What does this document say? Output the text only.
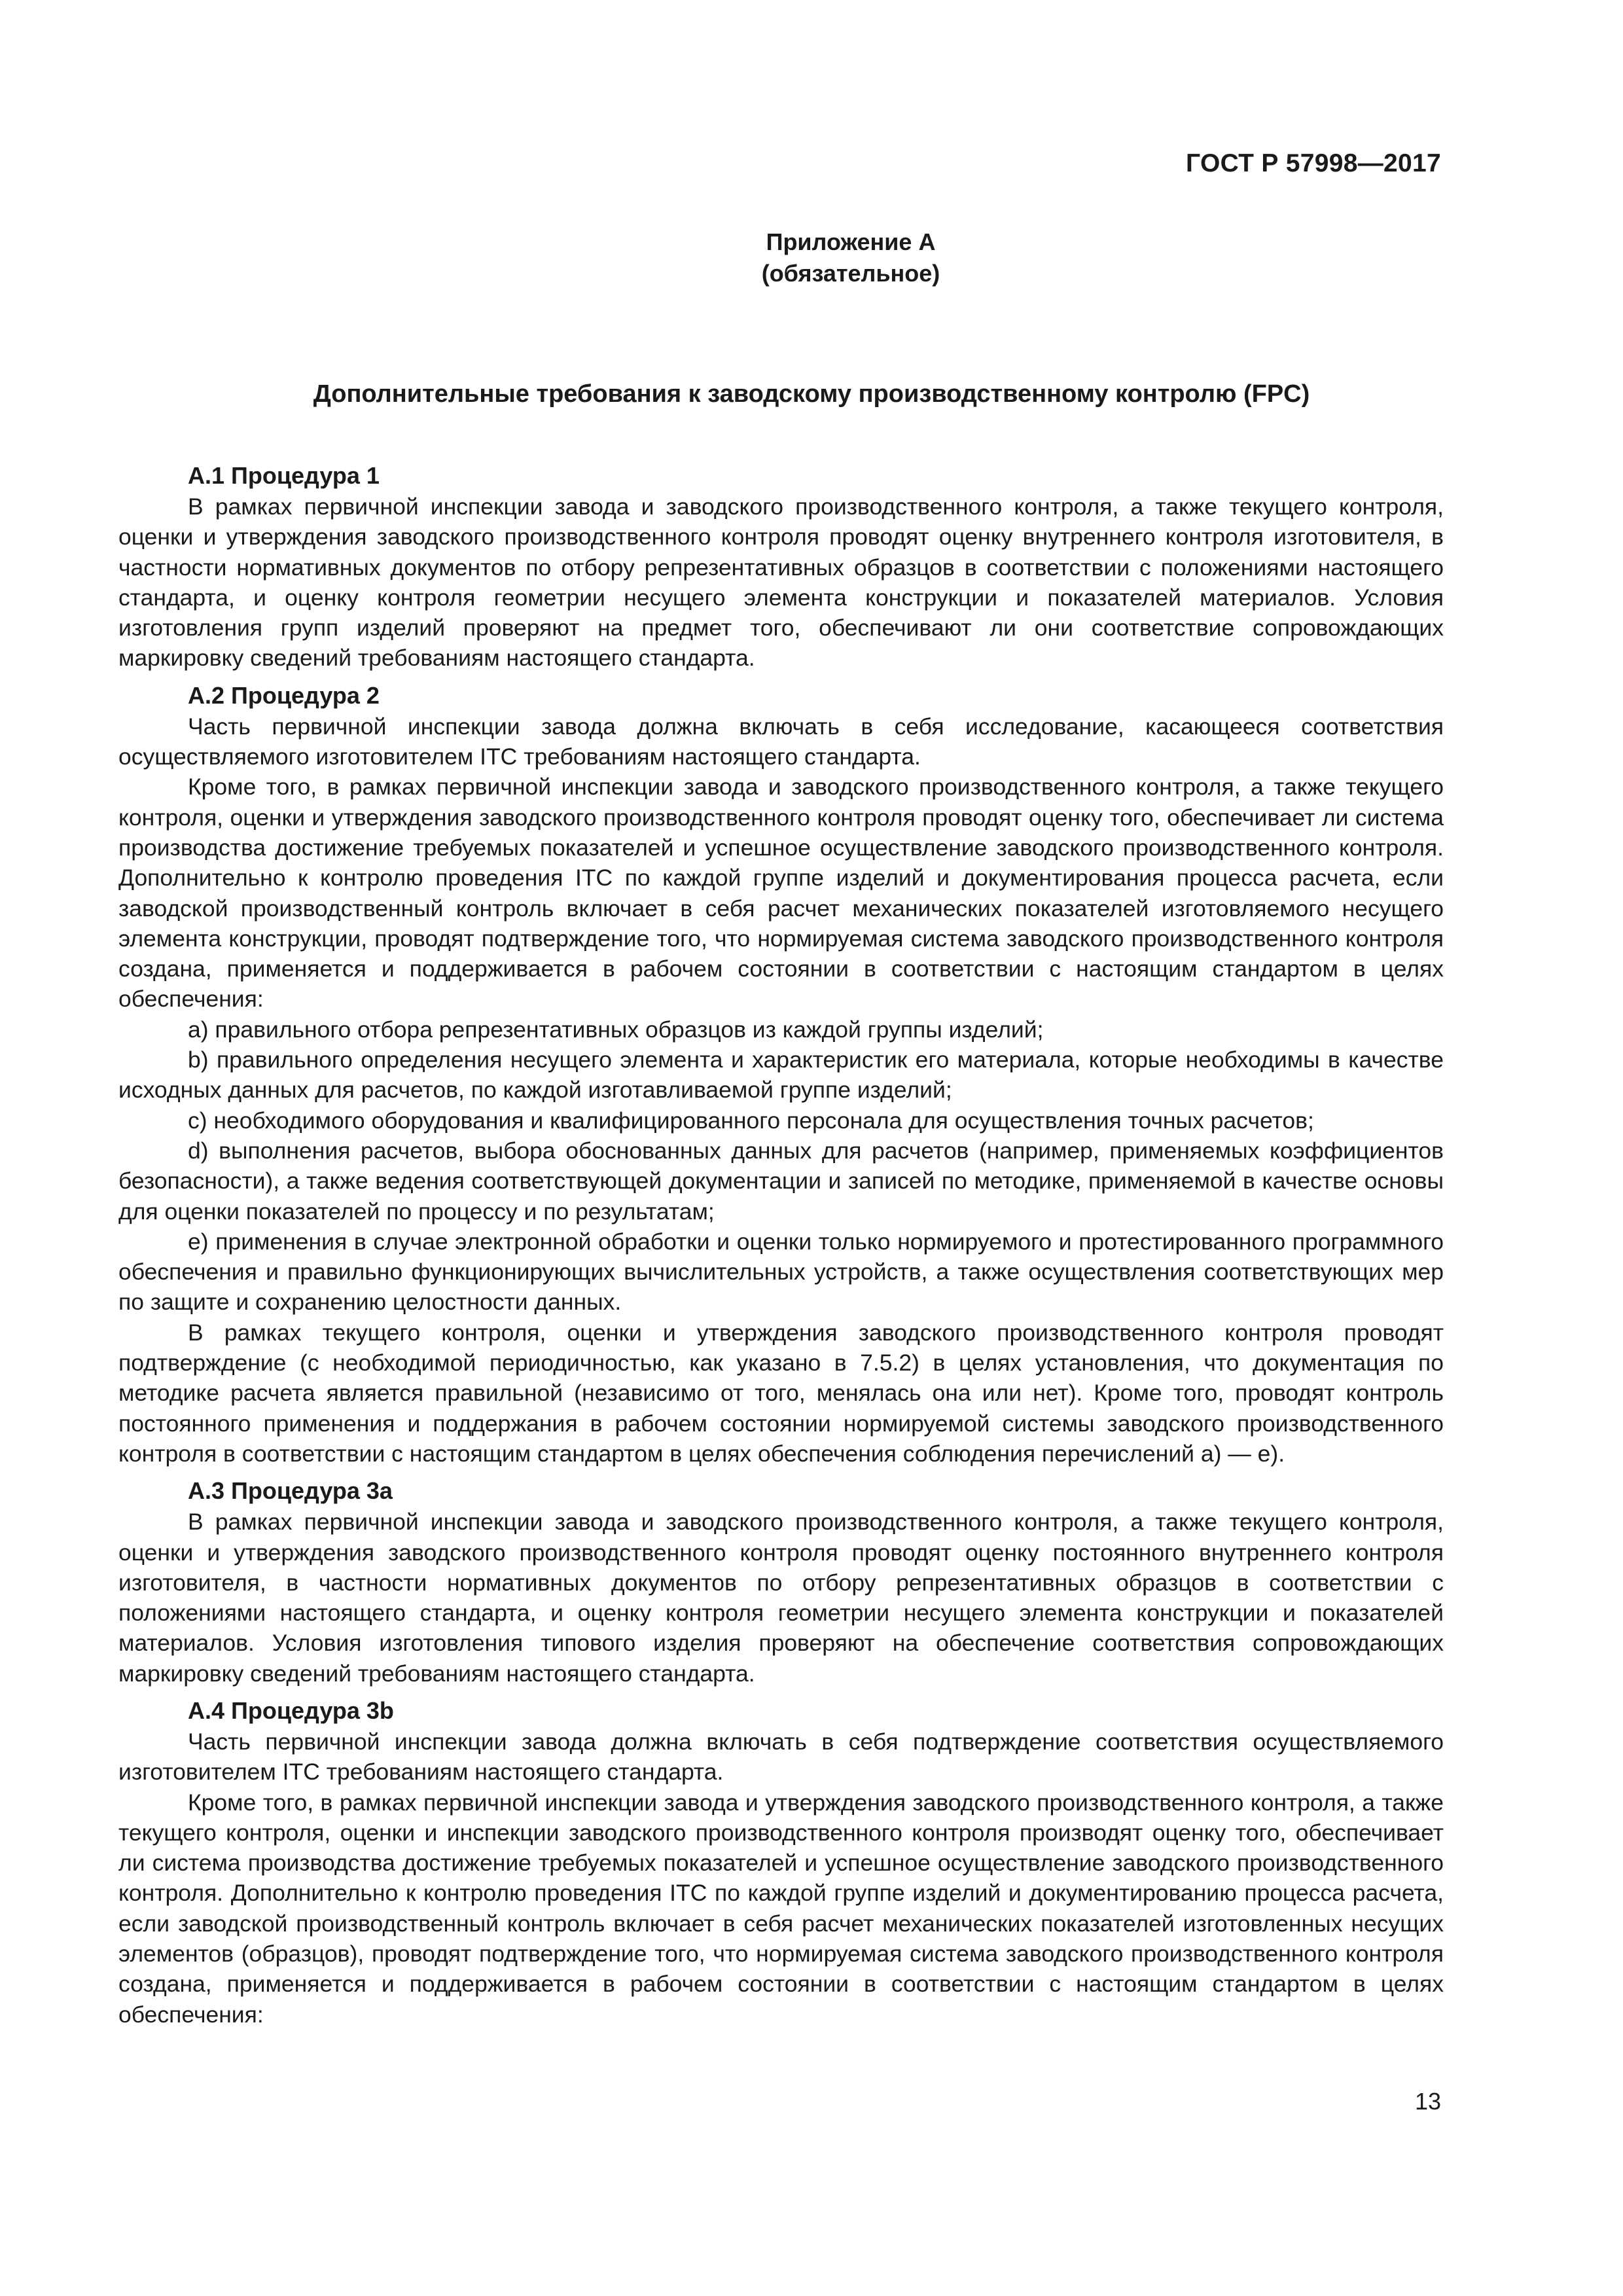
ГОСТ Р 57998—2017
Приложение А
(обязательное)
Дополнительные требования к заводскому производственному контролю (FPC)
А.1 Процедура 1

В рамках первичной инспекции завода и заводского производственного контроля, а также текущего контроля, оценки и утверждения заводского производственного контроля проводят оценку внутреннего контроля изготовителя, в частности нормативных документов по отбору репрезентативных образцов в соответствии с положениями настоящего стандарта, и оценку контроля геометрии несущего элемента конструкции и показателей материалов. Условия изготовления групп изделий проверяют на предмет того, обеспечивают ли они соответствие сопровождающих маркировку сведений требованиям настоящего стандарта.

А.2 Процедура 2

Часть первичной инспекции завода должна включать в себя исследование, касающееся соответствия осуществляемого изготовителем ITC требованиям настоящего стандарта.

Кроме того, в рамках первичной инспекции завода и заводского производственного контроля, а также текущего контроля, оценки и утверждения заводского производственного контроля проводят оценку того, обеспечивает ли система производства достижение требуемых показателей и успешное осуществление заводского производственного контроля. Дополнительно к контролю проведения ITC по каждой группе изделий и документирования процесса расчета, если заводской производственный контроль включает в себя расчет механических показателей изготовляемого несущего элемента конструкции, проводят подтверждение того, что нормируемая система заводского производственного контроля создана, применяется и поддерживается в рабочем состоянии в соответствии с настоящим стандартом в целях обеспечения:

a) правильного отбора репрезентативных образцов из каждой группы изделий;

b) правильного определения несущего элемента и характеристик его материала, которые необходимы в качестве исходных данных для расчетов, по каждой изготавливаемой группе изделий;

c) необходимого оборудования и квалифицированного персонала для осуществления точных расчетов;

d) выполнения расчетов, выбора обоснованных данных для расчетов (например, применяемых коэффициентов безопасности), а также ведения соответствующей документации и записей по методике, применяемой в качестве основы для оценки показателей по процессу и по результатам;

e) применения в случае электронной обработки и оценки только нормируемого и протестированного программного обеспечения и правильно функционирующих вычислительных устройств, а также осуществления соответствующих мер по защите и сохранению целостности данных.

В рамках текущего контроля, оценки и утверждения заводского производственного контроля проводят подтверждение (с необходимой периодичностью, как указано в 7.5.2) в целях установления, что документация по методике расчета является правильной (независимо от того, менялась она или нет). Кроме того, проводят контроль постоянного применения и поддержания в рабочем состоянии нормируемой системы заводского производственного контроля в соответствии с настоящим стандартом в целях обеспечения соблюдения перечислений а) — е).

А.3 Процедура 3а

В рамках первичной инспекции завода и заводского производственного контроля, а также текущего контроля, оценки и утверждения заводского производственного контроля проводят оценку постоянного внутреннего контроля изготовителя, в частности нормативных документов по отбору репрезентативных образцов в соответствии с положениями настоящего стандарта, и оценку контроля геометрии несущего элемента конструкции и показателей материалов. Условия изготовления типового изделия проверяют на обеспечение соответствия сопровождающих маркировку сведений требованиям настоящего стандарта.

А.4 Процедура 3b

Часть первичной инспекции завода должна включать в себя подтверждение соответствия осуществляемого изготовителем ITC требованиям настоящего стандарта.

Кроме того, в рамках первичной инспекции завода и утверждения заводского производственного контроля, а также текущего контроля, оценки и инспекции заводского производственного контроля производят оценку того, обеспечивает ли система производства достижение требуемых показателей и успешное осуществление заводского производственного контроля. Дополнительно к контролю проведения ITC по каждой группе изделий и документированию процесса расчета, если заводской производственный контроль включает в себя расчет механических показателей изготовленных несущих элементов (образцов), проводят подтверждение того, что нормируемая система заводского производственного контроля создана, применяется и поддерживается в рабочем состоянии в соответствии с настоящим стандартом в целях обеспечения:

13
